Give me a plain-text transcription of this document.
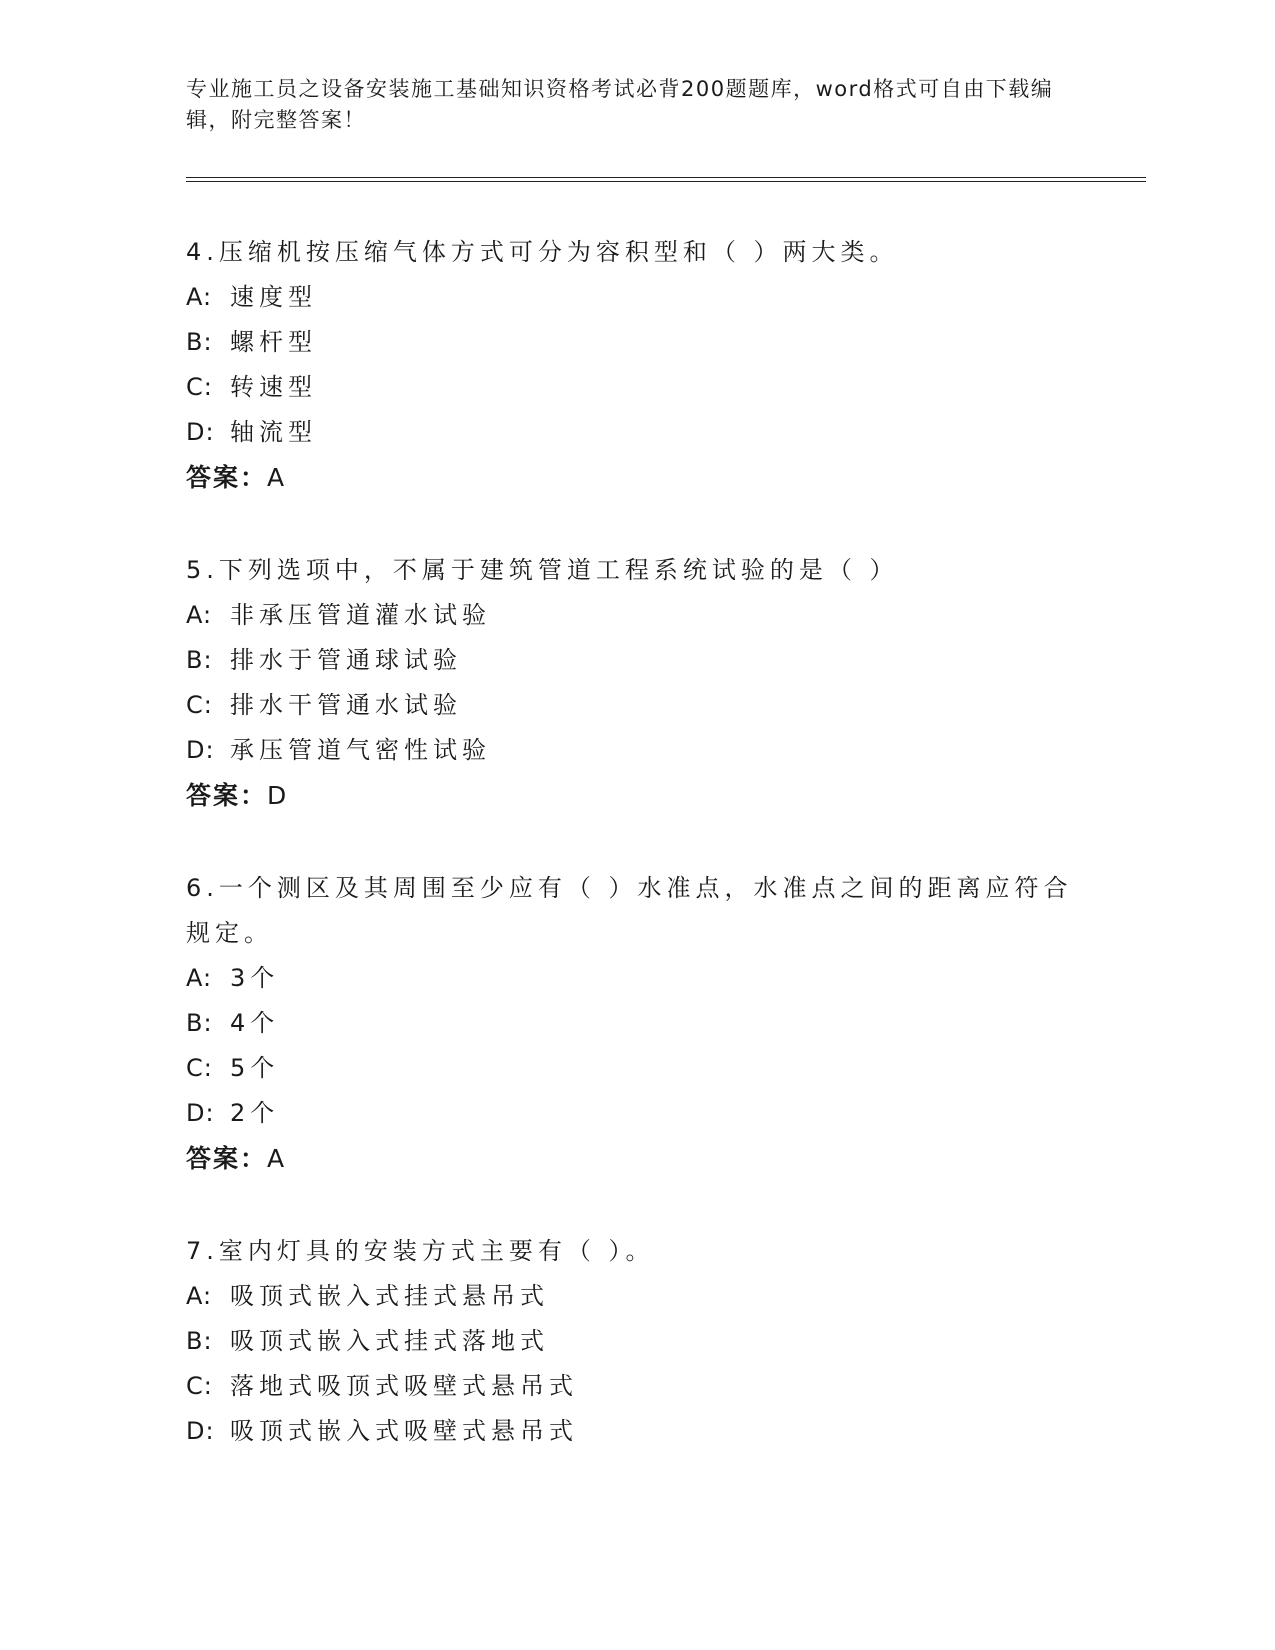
专业施工员之设备安装施工基础知识资格考试必背200题题库，word格式可自由下载编辑，附完整答案！
4.压缩机按压缩气体方式可分为容积型和（ ）两大类。
A: 速度型
B: 螺杆型
C: 转速型
D: 轴流型
答案：A
5.下列选项中，不属于建筑管道工程系统试验的是（ ）
A: 非承压管道灌水试验
B: 排水于管通球试验
C: 排水干管通水试验
D: 承压管道气密性试验
答案：D
6.一个测区及其周围至少应有（ ）水准点，水准点之间的距离应符合规定。
A: 3个
B: 4个
C: 5个
D: 2个
答案：A
7.室内灯具的安装方式主要有（ ）。
A: 吸顶式嵌入式挂式悬吊式
B: 吸顶式嵌入式挂式落地式
C: 落地式吸顶式吸壁式悬吊式
D: 吸顶式嵌入式吸壁式悬吊式
